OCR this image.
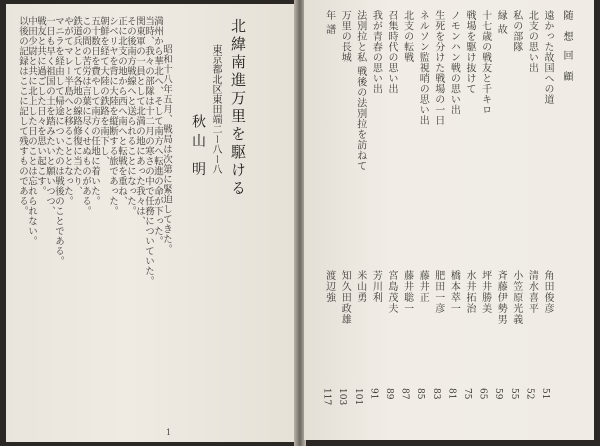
昭和十八年五月、戦局は次第に緊迫してきた。
満州から華北へ、そして南方へ転進の命が下った。
当時、我々の部隊は十二月の寒さの中で任務についていた。
関東軍の一員として北満の地にあった我々は、
その後南方戦線へと送られることになった。
正に北支の地から西へ南へと転戦を重ね、
シベリヤを背に大陸を縦断する旅であった。
朝鮮を経て大陸の鉄路を南下し、
五十数日を費やして南方の任地に着いた。
この間の苦労は言葉に尽くせぬものがある。
鉄道兵として各地の線路修復に当たり、
やがてマレー半島へと移ることとなった。
マニラを経由して帰途についたのは戦後のことである。
一日も早く祖国の土を踏みたいと願いつつ、
戦友と共に過ごした日々を思い起こす。
中田少尉と共に北上した日のことは忘れられない。
以後の記録はここに記して残すものである。	北緯南進万里を駆ける
東京都北区東田端二ー八ー八
秋山 明
1
随 想
回 顧
遠かった故国への道
角田俊彦
51
北支の思い出
清水喜平
52
私の部隊
小笠原光義
55
縁 故
斉藤伊勢男
59
十七歳の戦友と千キロ
坪井勝美
65
戦場を駆け抜けて
水井拓治
75
ノモンハン戦の思い出
橋本萃一
81
生死を分けた戦場の一日
肥田一彦
83
ネルソン監視哨の思い出
藤井正
85
北支の転戦
藤井聡一
87
召集時代の思い出
宮島茂夫
89
我が青春の思い出
芳川利
91
法別拉と私 戦後の法別拉を訪ねて
米山勇
101
万里の長城
知久田政雄
103
年 譜
渡辺強
117
